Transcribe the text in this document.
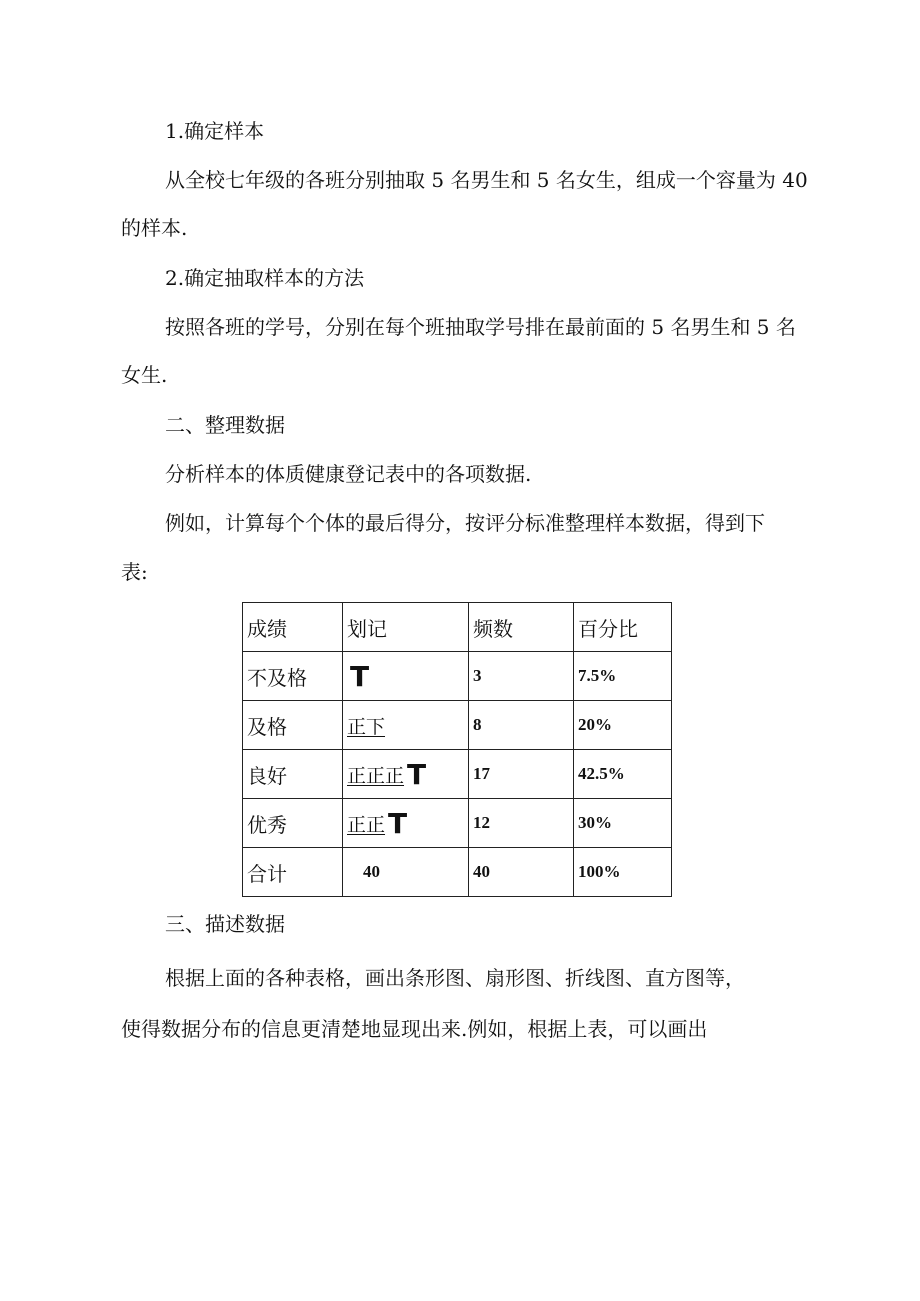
1.确定样本
从全校七年级的各班分别抽取 5 名男生和 5 名女生，组成一个容量为 40
的样本.
2.确定抽取样本的方法
按照各班的学号，分别在每个班抽取学号排在最前面的 5 名男生和 5 名
女生.
二、整理数据
分析样本的体质健康登记表中的各项数据.
例如，计算每个个体的最后得分，按评分标准整理样本数据，得到下
表:
成绩	划记	频数	百分比
不及格	T	3	7.5%
及格	正下	8	20%
良好	正正正 T	17	42.5%
优秀	正正 T	12	30%
合计	40	40	100%
三、描述数据
根据上面的各种表格，画出条形图、扇形图、折线图、直方图等，
使得数据分布的信息更清楚地显现出来.例如，根据上表，可以画出
